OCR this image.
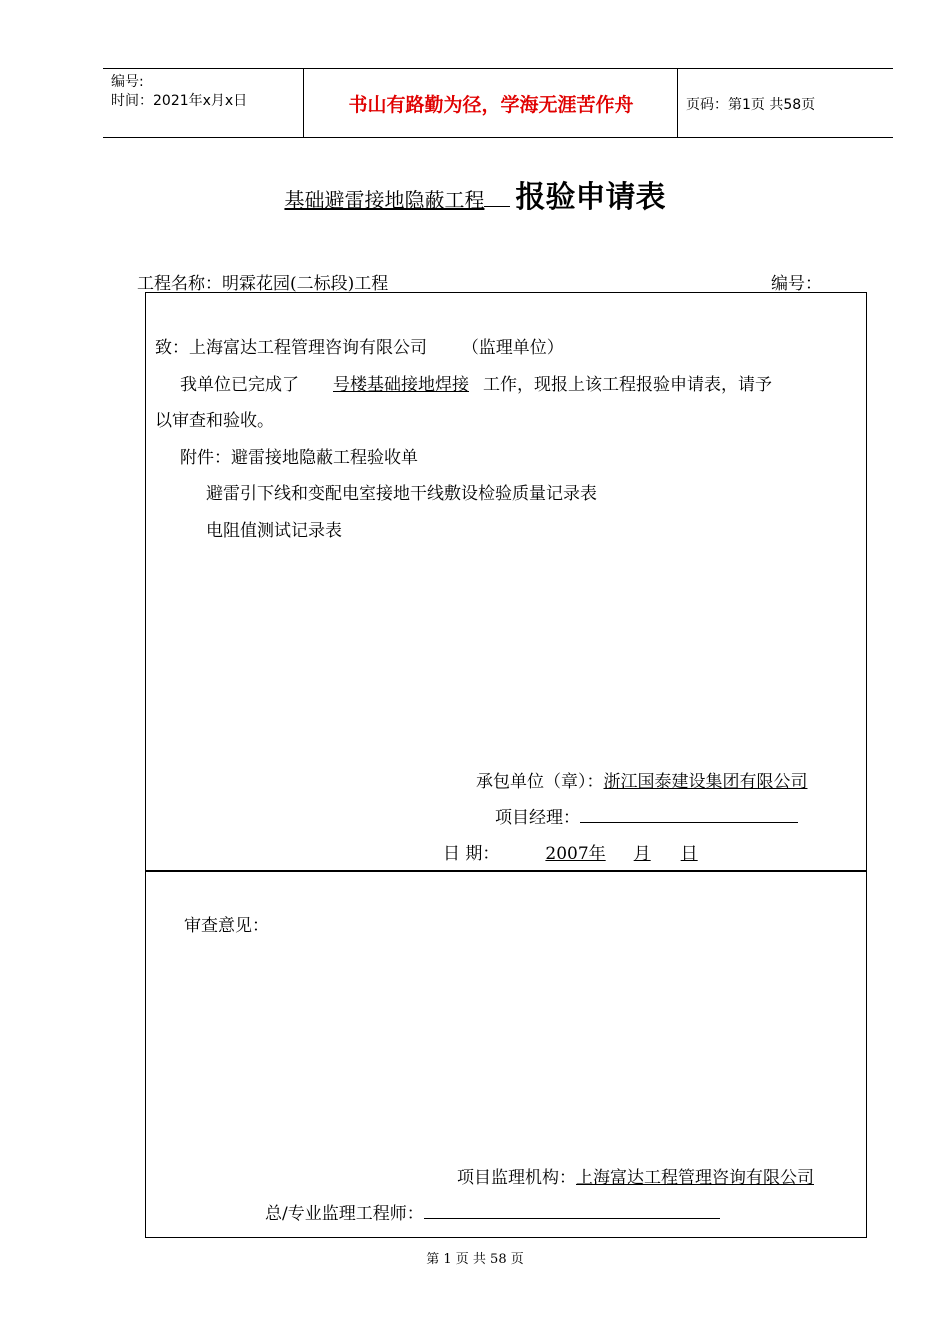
编号:
时间：2021年x月x日	书山有路勤为径，学海无涯苦作舟	页码：第1页 共58页
基础避雷接地隐蔽工程 报验申请表
工程名称：明霖花园(二标段)工程	编号：
致：上海富达工程管理咨询有限公司 （监理单位）
我单位已完成了 号楼基础接地焊接 工作，现报上该工程报验申请表，请予
以审查和验收。
附件：避雷接地隐蔽工程验收单
避雷引下线和变配电室接地干线敷设检验质量记录表
电阻值测试记录表
承包单位（章）：浙江国泰建设集团有限公司
项目经理：
日 期：	2007年 月 日
审查意见：
项目监理机构：上海富达工程管理咨询有限公司
总/专业监理工程师：
第 1 页 共 58 页
